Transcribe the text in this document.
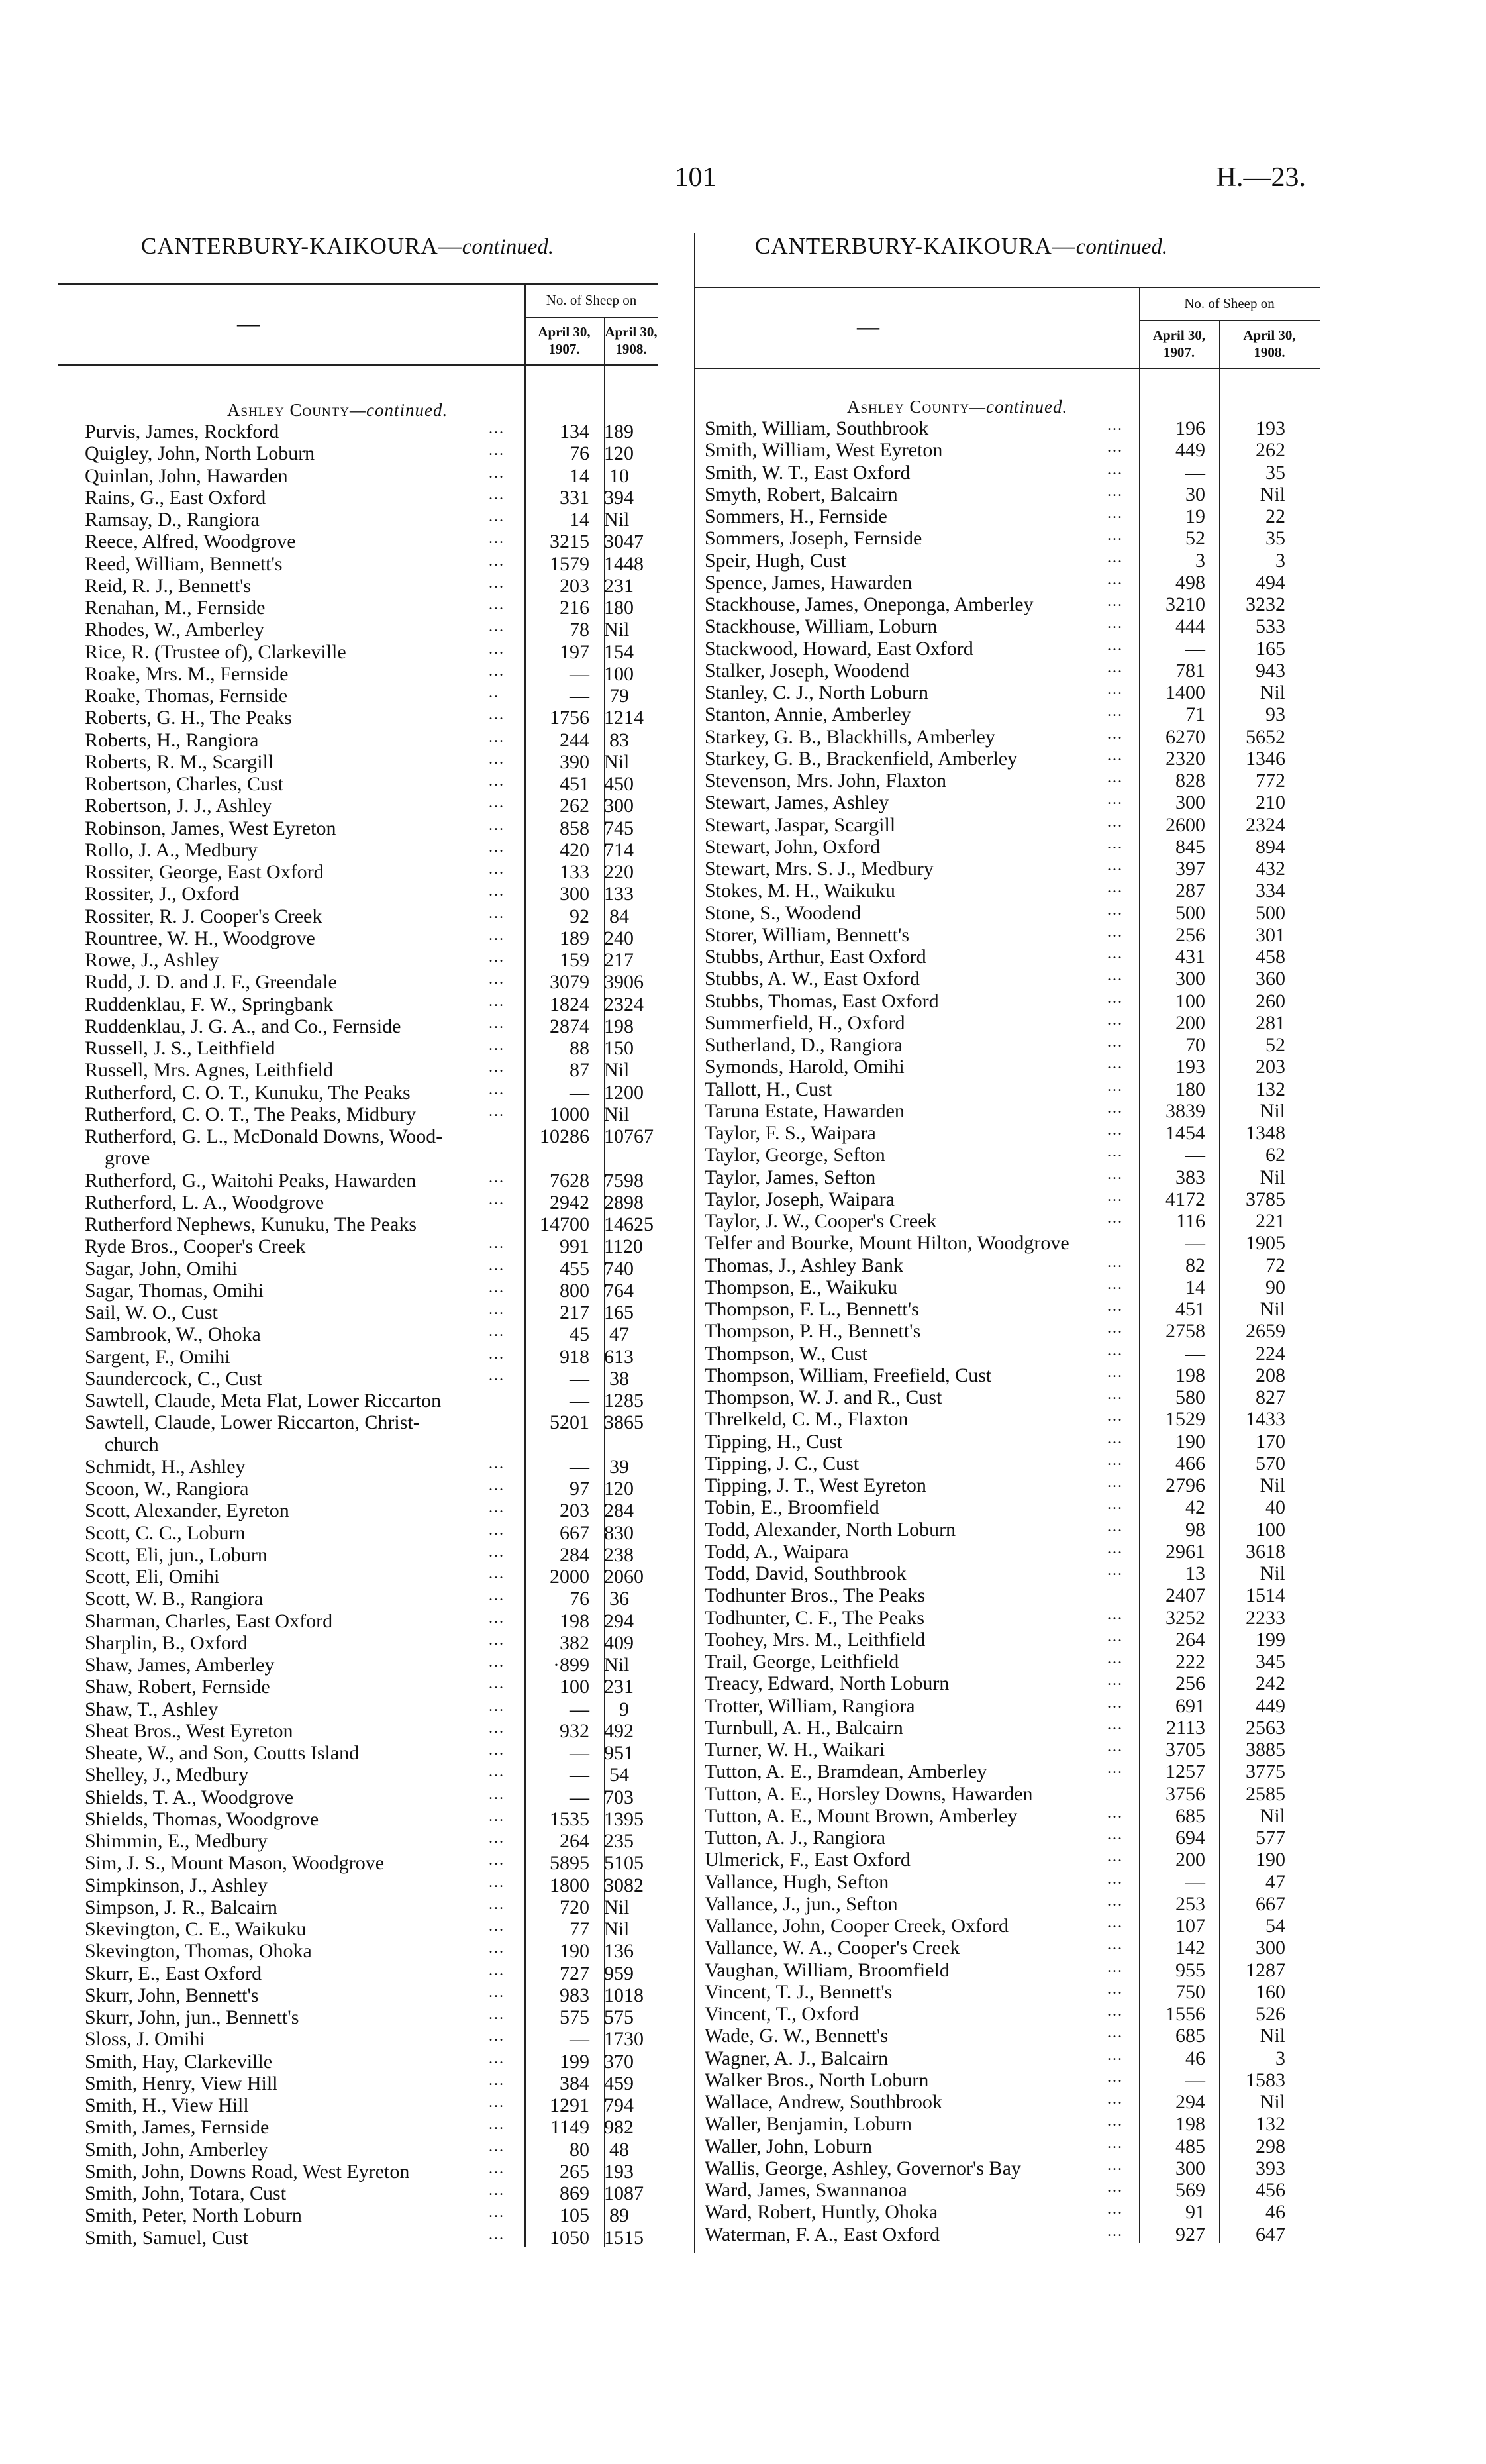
101	H.—23.
CANTERBURY-KAIKOURA—continued.
No. of Sheep on
—	April 30,
1907.
April 30,
1908.
Ashley County—continued.
Purvis, James, Rockford	...	134 189
Quigley, John, North Loburn	...	76 120
Quinlan, John, Hawarden	...	14 10
Rains, G., East Oxford	...	331 394
Ramsay, D., Rangiora	...	14 Nil
Reece, Alfred, Woodgrove	...	3215 3047
Reed, William, Bennett's	...	1579 1448
Reid, R. J., Bennett's	...	203 231
Renahan, M., Fernside	...	216 180
Rhodes, W., Amberley	...	78 Nil
Rice, R. (Trustee of), Clarkeville	...	197 154
Roake, Mrs. M., Fernside	...	— 100
Roake, Thomas, Fernside	..	— 79
Roberts, G. H., The Peaks	...	1756 1214
Roberts, H., Rangiora	...	244 83
Roberts, R. M., Scargill	...	390 Nil
Robertson, Charles, Cust	...	451 450
Robertson, J. J., Ashley	...	262 300
Robinson, James, West Eyreton	...	858 745
Rollo, J. A., Medbury	...	420 714
Rossiter, George, East Oxford	...	133 220
Rossiter, J., Oxford	...	300 133
Rossiter, R. J. Cooper's Creek	...	92 84
Rountree, W. H., Woodgrove	...	189 240
Rowe, J., Ashley	...	159 217
Rudd, J. D. and J. F., Greendale	...	3079 3906
Ruddenklau, F. W., Springbank	...	1824 2324
Ruddenklau, J. G. A., and Co., Fernside	...	2874 198
Russell, J. S., Leithfield	...	88 150
Russell, Mrs. Agnes, Leithfield	...	87 Nil
Rutherford, C. O. T., Kunuku, The Peaks	...	— 1200
Rutherford, C. O. T., The Peaks, Midbury	...	1000 Nil
Rutherford, G. L., McDonald Downs, Wood-	10286 10767
grove
Rutherford, G., Waitohi Peaks, Hawarden	...	7628 7598
Rutherford, L. A., Woodgrove	...	2942 2898
Rutherford Nephews, Kunuku, The Peaks	14700 14625
Ryde Bros., Cooper's Creek	...	991 1120
Sagar, John, Omihi	...	455 740
Sagar, Thomas, Omihi	...	800 764
Sail, W. O., Cust	...	217 165
Sambrook, W., Ohoka	...	45 47
Sargent, F., Omihi	...	918 613
Saundercock, C., Cust	...	— 38
Sawtell, Claude, Meta Flat, Lower Riccarton	— 1285
Sawtell, Claude, Lower Riccarton, Christ-	5201 3865
church
Schmidt, H., Ashley	...	— 39
Scoon, W., Rangiora	...	97 120
Scott, Alexander, Eyreton	...	203 284
Scott, C. C., Loburn	...	667 830
Scott, Eli, jun., Loburn	...	284 238
Scott, Eli, Omihi	...	2000 2060
Scott, W. B., Rangiora	...	76 36
Sharman, Charles, East Oxford	...	198 294
Sharplin, B., Oxford	...	382 409
Shaw, James, Amberley	...	·899 Nil
Shaw, Robert, Fernside	...	100 231
Shaw, T., Ashley	...	—	9
Sheat Bros., West Eyreton	...	932 492
Sheate, W., and Son, Coutts Island	...	— 951
Shelley, J., Medbury	...	— 54
Shields, T. A., Woodgrove	...	— 703
Shields, Thomas, Woodgrove	...	1535 1395
Shimmin, E., Medbury	...	264 235
Sim, J. S., Mount Mason, Woodgrove	...	5895 5105
Simpkinson, J., Ashley	...	1800 3082
Simpson, J. R., Balcairn	...	720 Nil
Skevington, C. E., Waikuku	...	77 Nil
Skevington, Thomas, Ohoka	...	190 136
Skurr, E., East Oxford	...	727 959
Skurr, John, Bennett's	...	983 1018
Skurr, John, jun., Bennett's	...	575 575
Sloss, J. Omihi	...	— 1730
Smith, Hay, Clarkeville	...	199 370
Smith, Henry, View Hill	...	384 459
Smith, H., View Hill	...	1291 794
Smith, James, Fernside	...	1149 982
Smith, John, Amberley	...	80 48
Smith, John, Downs Road, West Eyreton	...	265 193
Smith, John, Totara, Cust	...	869 1087
Smith, Peter, North Loburn	...	105 89
Smith, Samuel, Cust	...	1050 1515
CANTERBURY-KAIKOURA—continued.
No. of Sheep on
—	April 30,
1907.
April 30,
1908.
Ashley County—continued.
Smith, William, Southbrook	...	196	193
Smith, William, West Eyreton	...	449	262
Smith, W. T., East Oxford	...	—	35
Smyth, Robert, Balcairn	...	30	Nil
Sommers, H., Fernside	...	19	22
Sommers, Joseph, Fernside	...	52	35
Speir, Hugh, Cust	...	3	3
Spence, James, Hawarden	...	498	494
Stackhouse, James, Oneponga, Amberley	...	3210	3232
Stackhouse, William, Loburn	...	444	533
Stackwood, Howard, East Oxford	...	—	165
Stalker, Joseph, Woodend	...	781	943
Stanley, C. J., North Loburn	...	1400	Nil
Stanton, Annie, Amberley	...	71	93
Starkey, G. B., Blackhills, Amberley	...	6270	5652
Starkey, G. B., Brackenfield, Amberley	...	2320	1346
Stevenson, Mrs. John, Flaxton	...	828	772
Stewart, James, Ashley	...	300	210
Stewart, Jaspar, Scargill	...	2600	2324
Stewart, John, Oxford	...	845	894
Stewart, Mrs. S. J., Medbury	...	397	432
Stokes, M. H., Waikuku	...	287	334
Stone, S., Woodend	...	500	500
Storer, William, Bennett's	...	256	301
Stubbs, Arthur, East Oxford	...	431	458
Stubbs, A. W., East Oxford	...	300	360
Stubbs, Thomas, East Oxford	...	100	260
Summerfield, H., Oxford	...	200	281
Sutherland, D., Rangiora	...	70	52
Symonds, Harold, Omihi	...	193	203
Tallott, H., Cust	...	180	132
Taruna Estate, Hawarden	...	3839	Nil
Taylor, F. S., Waipara	...	1454	1348
Taylor, George, Sefton	...	—	62
Taylor, James, Sefton	...	383	Nil
Taylor, Joseph, Waipara	...	4172	3785
Taylor, J. W., Cooper's Creek	...	116	221
Telfer and Bourke, Mount Hilton, Woodgrove	—	1905
Thomas, J., Ashley Bank	...	82	72
Thompson, E., Waikuku	...	14	90
Thompson, F. L., Bennett's	...	451	Nil
Thompson, P. H., Bennett's	...	2758	2659
Thompson, W., Cust	...	—	224
Thompson, William, Freefield, Cust	...	198	208
Thompson, W. J. and R., Cust	...	580	827
Threlkeld, C. M., Flaxton	...	1529	1433
Tipping, H., Cust	...	190	170
Tipping, J. C., Cust	...	466	570
Tipping, J. T., West Eyreton	...	2796	Nil
Tobin, E., Broomfield	...	42	40
Todd, Alexander, North Loburn	...	98	100
Todd, A., Waipara	...	2961	3618
Todd, David, Southbrook	...	13	Nil
Todhunter Bros., The Peaks	2407	1514
Todhunter, C. F., The Peaks	...	3252	2233
Toohey, Mrs. M., Leithfield	...	264	199
Trail, George, Leithfield	...	222	345
Treacy, Edward, North Loburn	...	256	242
Trotter, William, Rangiora	...	691	449
Turnbull, A. H., Balcairn	...	2113	2563
Turner, W. H., Waikari	...	3705	3885
Tutton, A. E., Bramdean, Amberley	...	1257	3775
Tutton, A. E., Horsley Downs, Hawarden	3756	2585
Tutton, A. E., Mount Brown, Amberley	...	685	Nil
Tutton, A. J., Rangiora	...	694	577
Ulmerick, F., East Oxford	...	200	190
Vallance, Hugh, Sefton	...	—	47
Vallance, J., jun., Sefton	...	253	667
Vallance, John, Cooper Creek, Oxford	...	107	54
Vallance, W. A., Cooper's Creek	...	142	300
Vaughan, William, Broomfield	...	955	1287
Vincent, T. J., Bennett's	...	750	160
Vincent, T., Oxford	...	1556	526
Wade, G. W., Bennett's	...	685	Nil
Wagner, A. J., Balcairn	...	46	3
Walker Bros., North Loburn	...	—	1583
Wallace, Andrew, Southbrook	...	294	Nil
Waller, Benjamin, Loburn	...	198	132
Waller, John, Loburn	...	485	298
Wallis, George, Ashley, Governor's Bay	...	300	393
Ward, James, Swannanoa	...	569	456
Ward, Robert, Huntly, Ohoka	...	91	46
Waterman, F. A., East Oxford	...	927	647
